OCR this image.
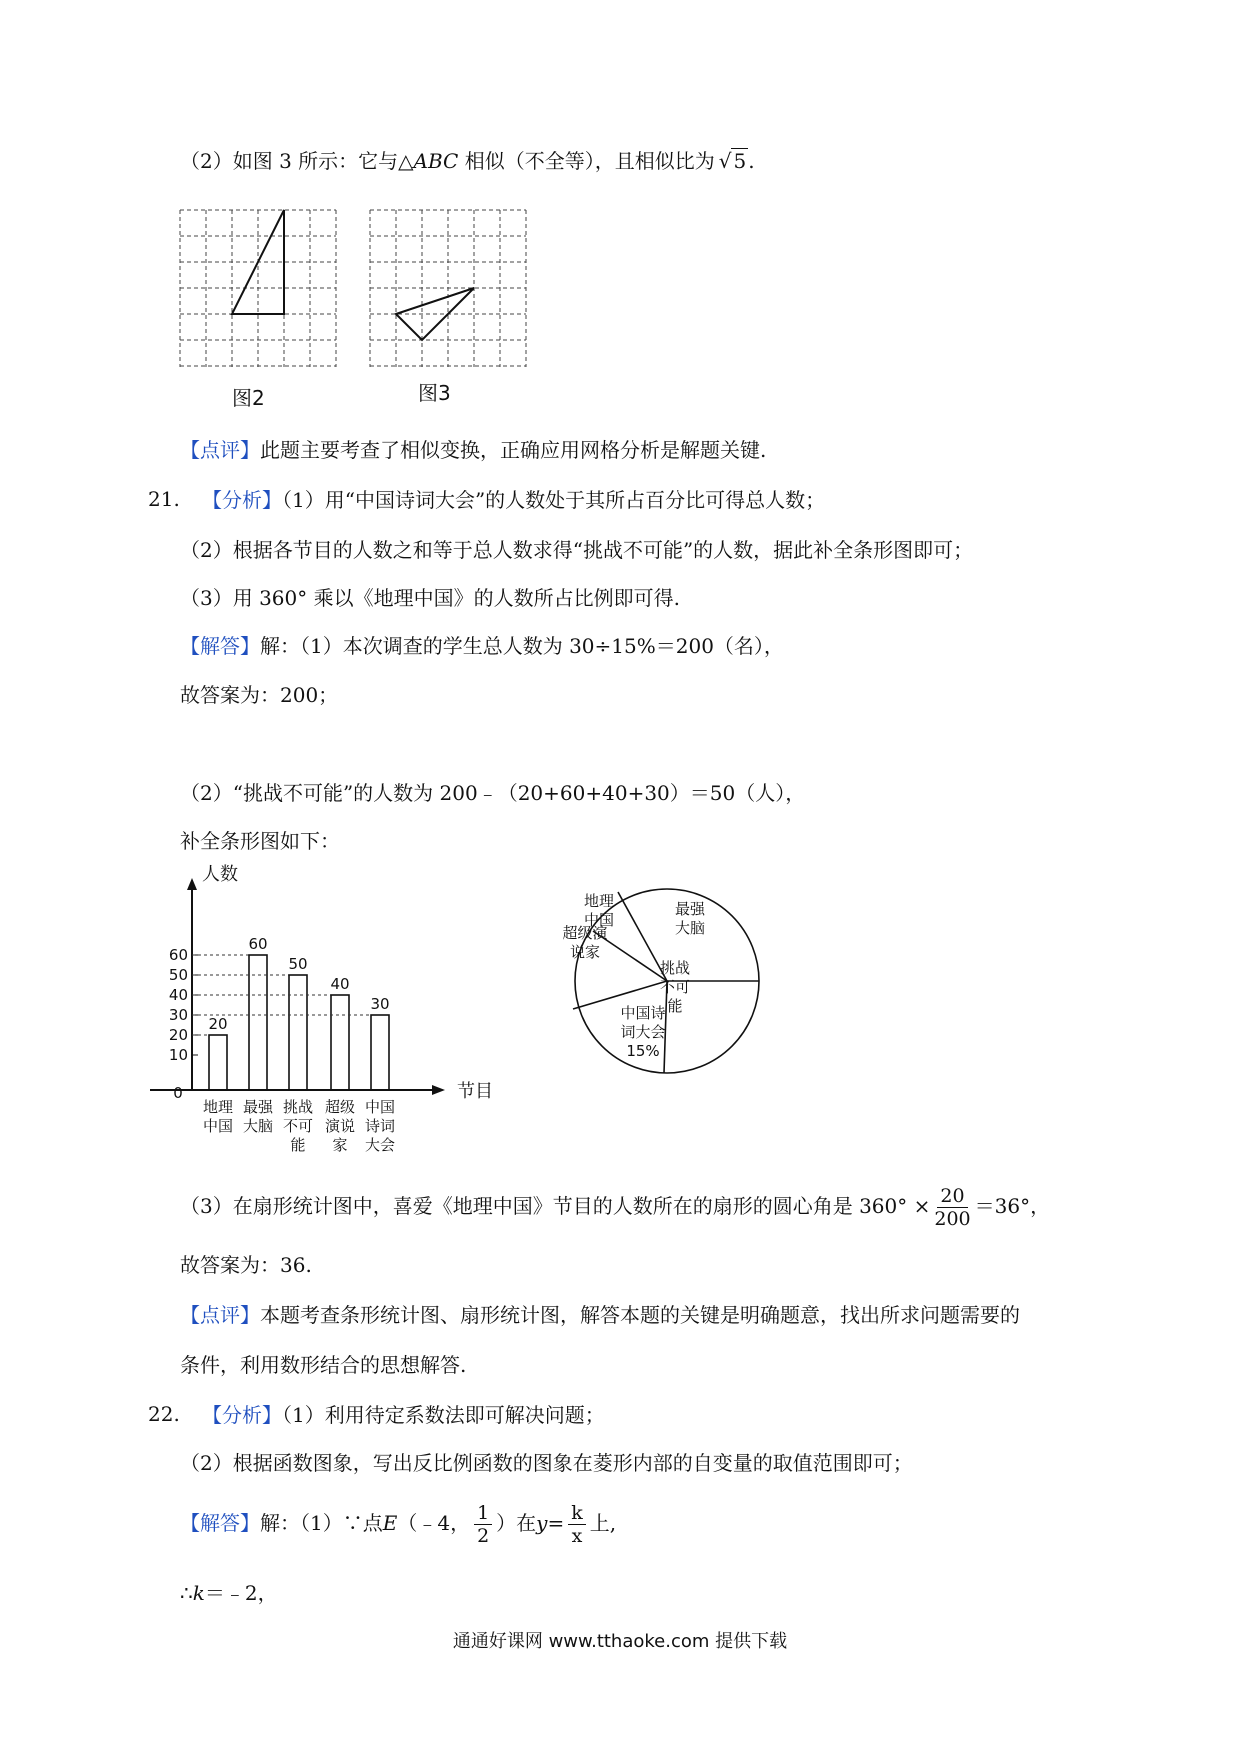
（2）如图 3 所示：它与△ABC 相似（不全等），且相似比为 √ 5 .
图2	图3
【点评】此题主要考查了相似变换，正确应用网格分析是解题关键.
21. 【分析】（1）用“中国诗词大会”的人数处于其所占百分比可得总人数；
（2）根据各节目的人数之和等于总人数求得“挑战不可能”的人数，据此补全条形图即可；
（3）用 360° 乘以《地理中国》的人数所占比例即可得.
【解答】解：（1）本次调查的学生总人数为 30÷15%＝200（名），
故答案为：200；
（2）“挑战不可能”的人数为 200﹣（20+60+40+30）＝50（人），
补全条形图如下：
人数
节目
0
10
20
30
40
50
60
20
地理
中国
60
最强
大脑
50
挑战
不可
能
40
超级
演说
家
30
中国
诗词
大会
地理
中国
最强
大脑
挑战
不可
能
超级演
说家
中国诗
词大会
15%
（3）在扇形统计图中，喜爱《地理中国》节目的人数所在的扇形的圆心角是 $360^\circ \times \frac{20}{200} =36^\circ$，
故答案为：36.
【点评】本题考查条形统计图、扇形统计图，解答本题的关键是明确题意，找出所求问题需要的
条件，利用数形结合的思想解答.
22. 【分析】（1）利用待定系数法即可解决问题；
（2）根据函数图象，写出反比例函数的图象在菱形内部的自变量的取值范围即可；
【解答】解：（1）∵点E（﹣4， $\frac{1}{2}$ ）在$y= \frac{k}{x}$ 上,
∴k＝﹣2，
通通好课网 www.tthaoke.com 提供下载
